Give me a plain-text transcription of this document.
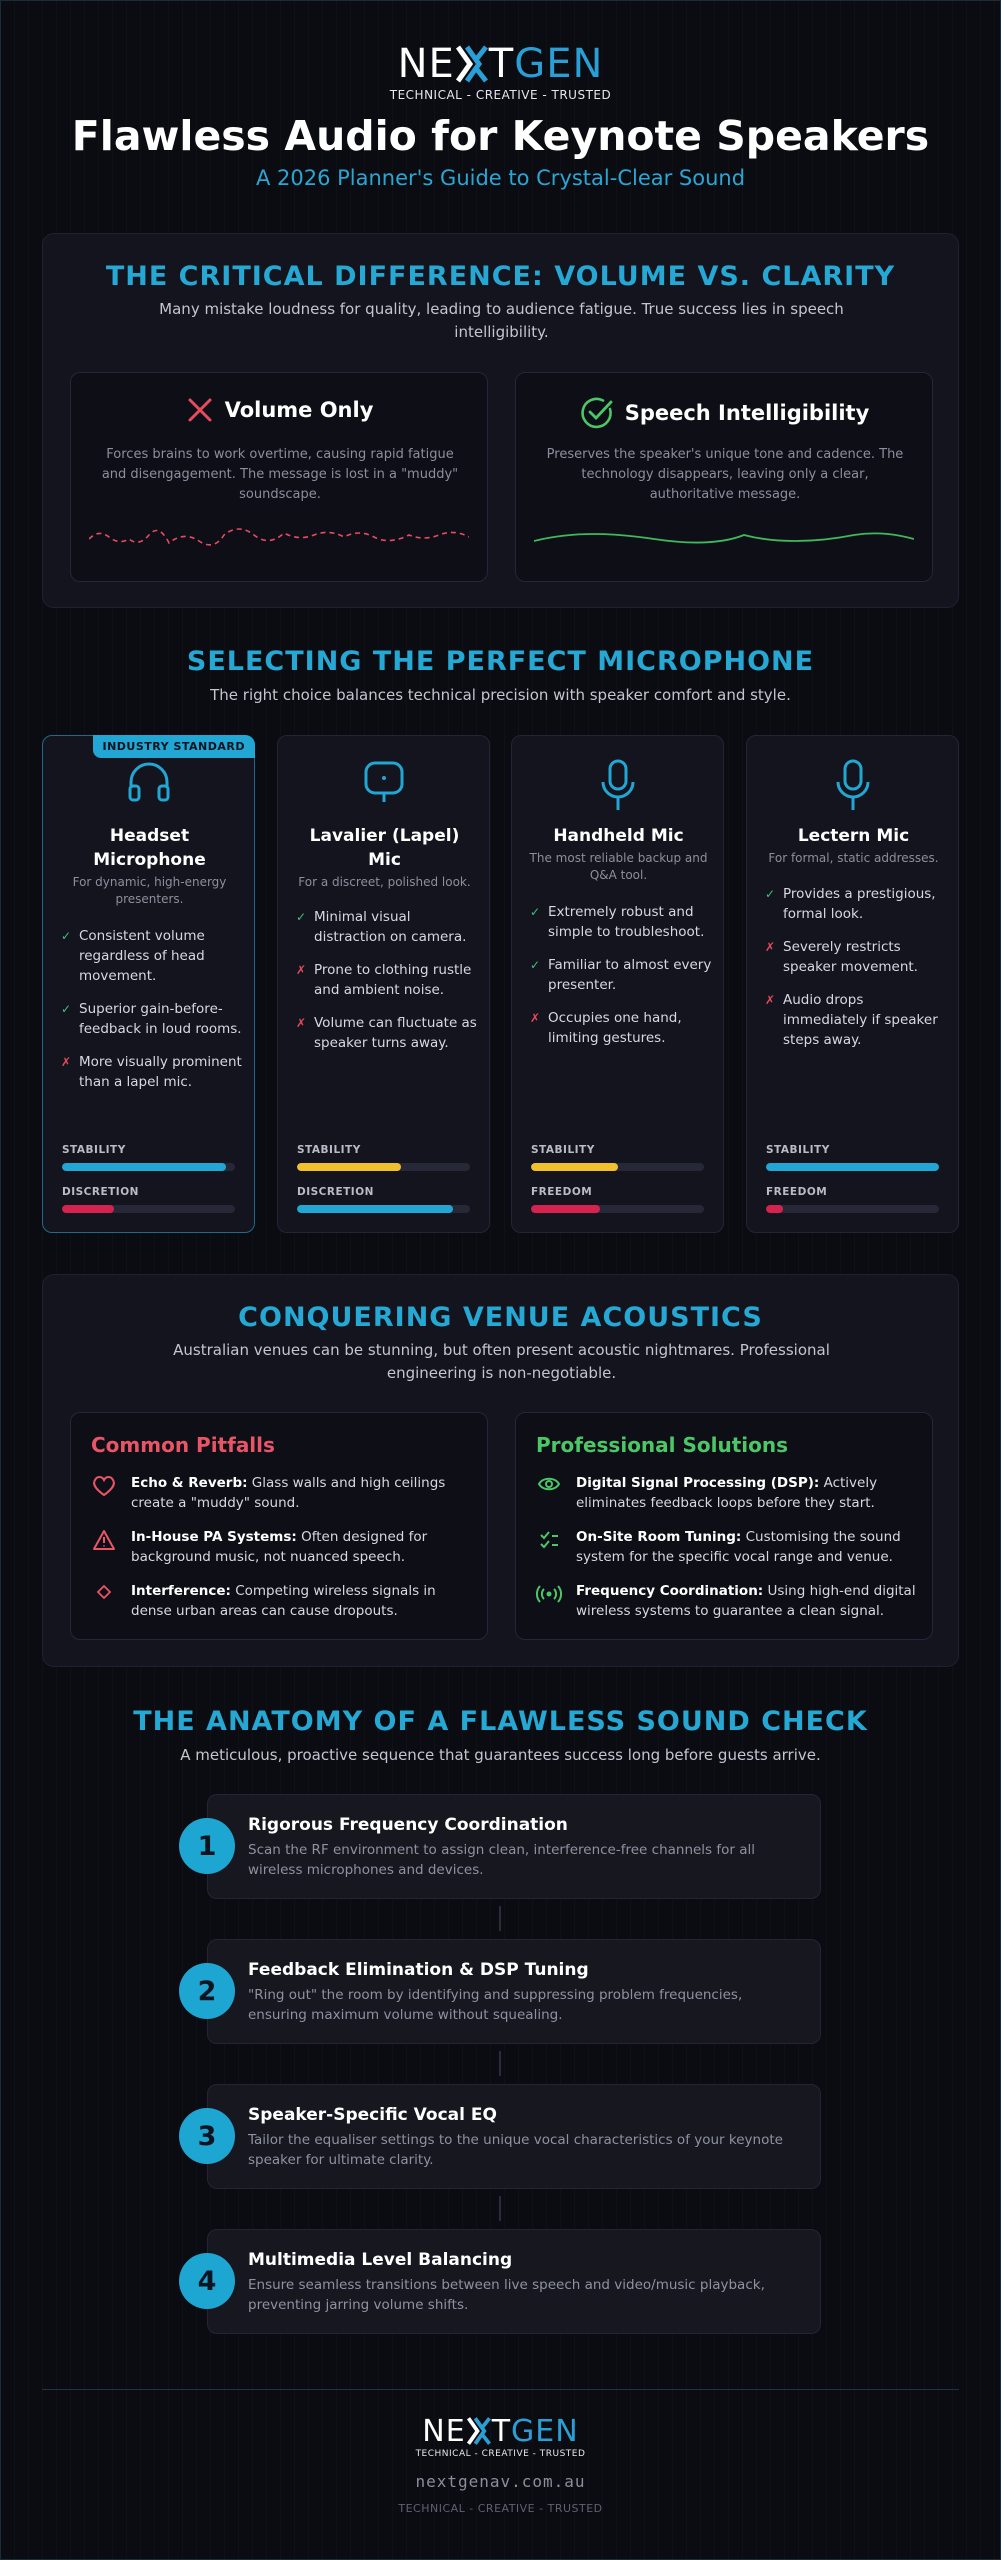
NE T GEN
TECHNICAL - CREATIVE - TRUSTED
Flawless Audio for Keynote Speakers
A 2026 Planner's Guide to Crystal-Clear Sound
THE CRITICAL DIFFERENCE: VOLUME VS. CLARITY
Many mistake loudness for quality, leading to audience fatigue. True success lies in speech intelligibility.
Volume Only
Forces brains to work overtime, causing rapid fatigue and disengagement. The message is lost in a "muddy" soundscape.
Speech Intelligibility
Preserves the speaker's unique tone and cadence. The technology disappears, leaving only a clear, authoritative message.
SELECTING THE PERFECT MICROPHONE
The right choice balances technical precision with speaker comfort and style.
INDUSTRY STANDARD
Headset Microphone
For dynamic, high-energy presenters.
✓ Consistent volume regardless of head movement.
✓ Superior gain-before-feedback in loud rooms.
✗ More visually prominent than a lapel mic.
STABILITY
DISCRETION
Lavalier (Lapel) Mic
For a discreet, polished look.
✓ Minimal visual distraction on camera.
✗ Prone to clothing rustle and ambient noise.
✗ Volume can fluctuate as speaker turns away.
STABILITY
DISCRETION
Handheld Mic
The most reliable backup and Q&A tool.
✓ Extremely robust and simple to troubleshoot.
✓ Familiar to almost every presenter.
✗ Occupies one hand, limiting gestures.
STABILITY
FREEDOM
Lectern Mic
For formal, static addresses.
✓ Provides a prestigious, formal look.
✗ Severely restricts speaker movement.
✗ Audio drops immediately if speaker steps away.
STABILITY
FREEDOM
CONQUERING VENUE ACOUSTICS
Australian venues can be stunning, but often present acoustic nightmares. Professional engineering is non-negotiable.
Common Pitfalls
Echo & Reverb: Glass walls and high ceilings create a "muddy" sound.
In-House PA Systems: Often designed for background music, not nuanced speech.
Interference: Competing wireless signals in dense urban areas can cause dropouts.
Professional Solutions
Digital Signal Processing (DSP): Actively eliminates feedback loops before they start.
On-Site Room Tuning: Customising the sound system for the specific vocal range and venue.
Frequency Coordination: Using high-end digital wireless systems to guarantee a clean signal.
THE ANATOMY OF A FLAWLESS SOUND CHECK
A meticulous, proactive sequence that guarantees success long before guests arrive.
Rigorous Frequency Coordination
Scan the RF environment to assign clean, interference-free channels for all wireless microphones and devices.
1
Feedback Elimination & DSP Tuning
"Ring out" the room by identifying and suppressing problem frequencies, ensuring maximum volume without squealing.
2
Speaker-Specific Vocal EQ
Tailor the equaliser settings to the unique vocal characteristics of your keynote speaker for ultimate clarity.
3
Multimedia Level Balancing
Ensure seamless transitions between live speech and video/music playback, preventing jarring volume shifts.
4
NE T GEN
TECHNICAL - CREATIVE - TRUSTED
nextgenav.com.au
TECHNICAL - CREATIVE - TRUSTED
